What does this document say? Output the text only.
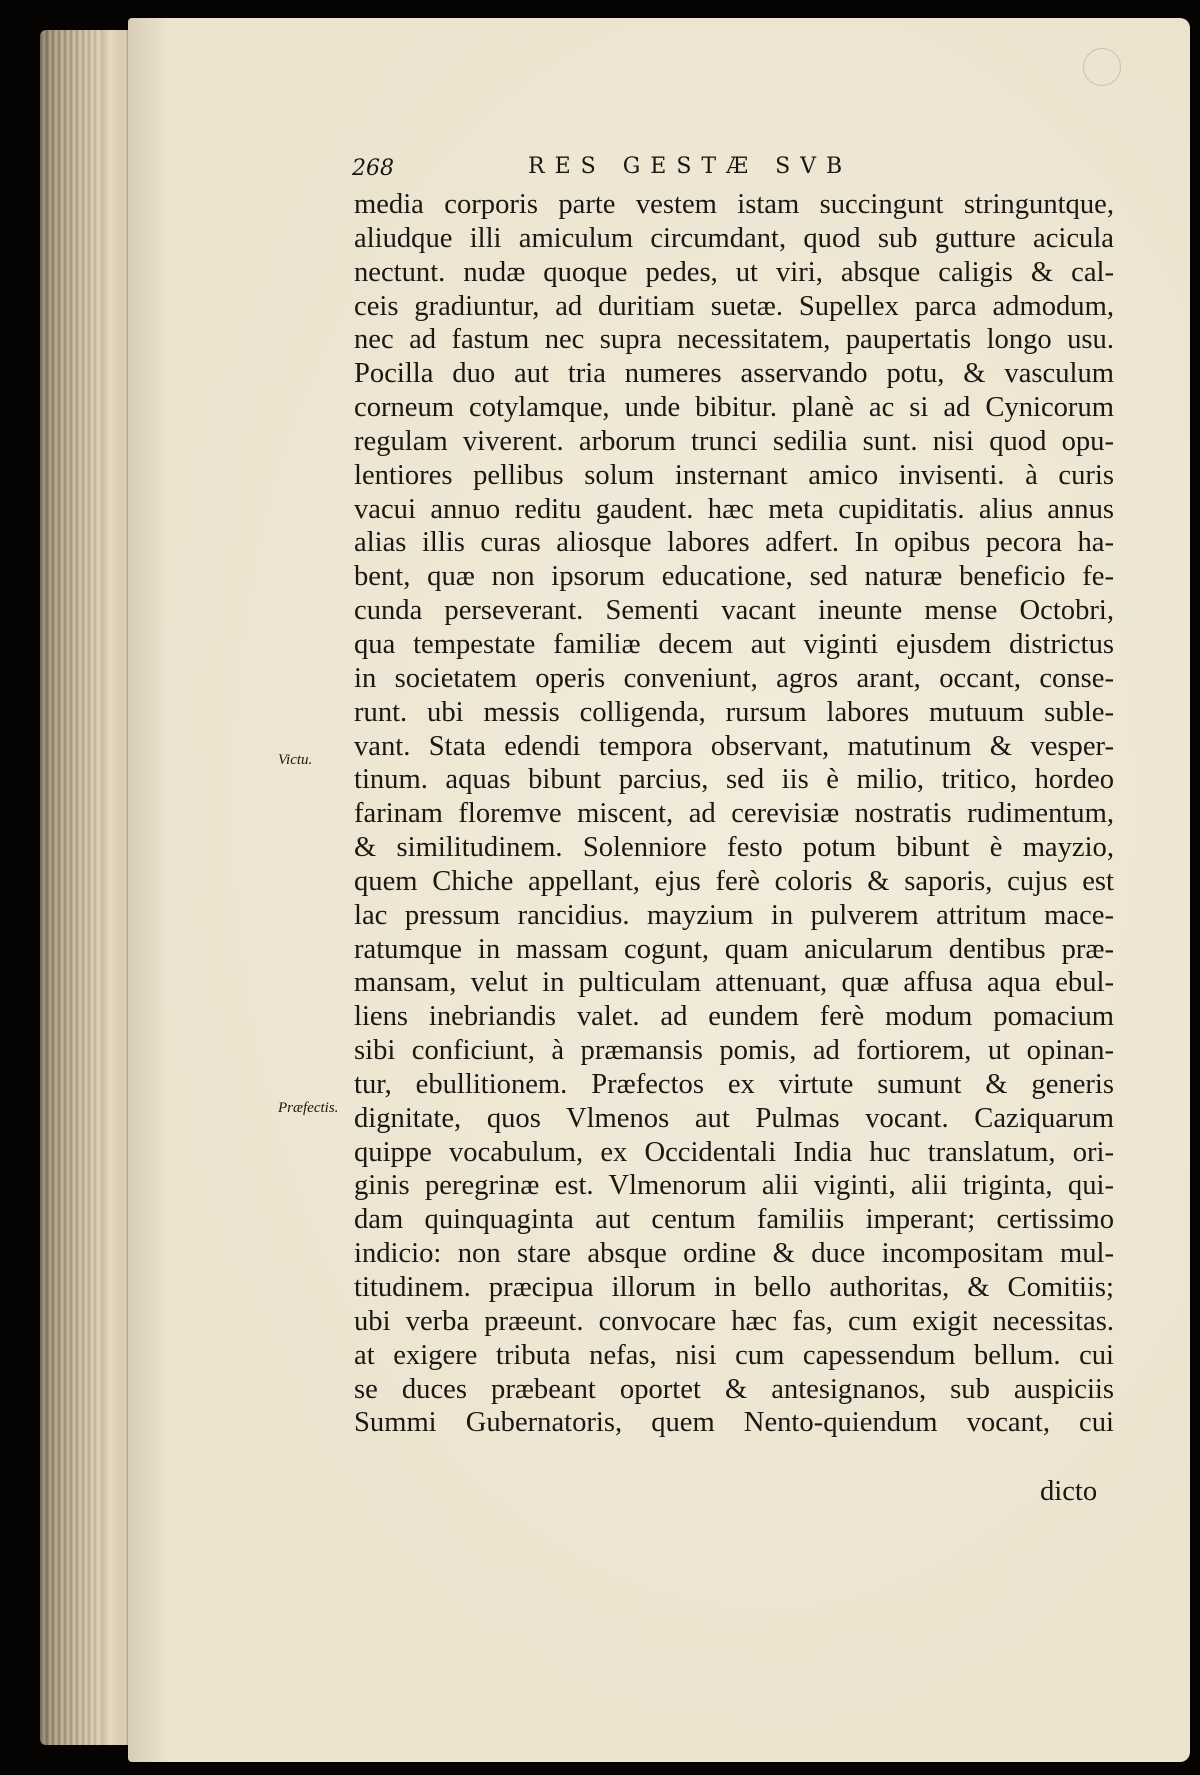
268	RES GESTÆ SVB
media corporis parte vestem istam succingunt stringuntque,
aliudque illi amiculum circumdant, quod sub gutture acicula
nectunt. nudæ quoque pedes, ut viri, absque caligis & cal-
ceis gradiuntur, ad duritiam suetæ. Supellex parca admodum,
nec ad fastum nec supra necessitatem, paupertatis longo usu.
Pocilla duo aut tria numeres asservando potu, & vasculum
corneum cotylamque, unde bibitur. planè ac si ad Cynicorum
regulam viverent. arborum trunci sedilia sunt. nisi quod opu-
lentiores pellibus solum insternant amico invisenti. à curis
vacui annuo reditu gaudent. hæc meta cupiditatis. alius annus
alias illis curas aliosque labores adfert. In opibus pecora ha-
bent, quæ non ipsorum educatione, sed naturæ beneficio fe-
cunda perseverant. Sementi vacant ineunte mense Octobri,
qua tempestate familiæ decem aut viginti ejusdem districtus
in societatem operis conveniunt, agros arant, occant, conse-
runt. ubi messis colligenda, rursum labores mutuum suble-
vant. Stata edendi tempora observant, matutinum & vesper-
tinum. aquas bibunt parcius, sed iis è milio, tritico, hordeo
farinam floremve miscent, ad cerevisiæ nostratis rudimentum,
& similitudinem. Solenniore festo potum bibunt è mayzio,
quem Chiche appellant, ejus ferè coloris & saporis, cujus est
lac pressum rancidius. mayzium in pulverem attritum mace-
ratumque in massam cogunt, quam anicularum dentibus præ-
mansam, velut in pulticulam attenuant, quæ affusa aqua ebul-
liens inebriandis valet. ad eundem ferè modum pomacium
sibi conficiunt, à præmansis pomis, ad fortiorem, ut opinan-
tur, ebullitionem. Præfectos ex virtute sumunt & generis
dignitate, quos Vlmenos aut Pulmas vocant. Caziquarum
quippe vocabulum, ex Occidentali India huc translatum, ori-
ginis peregrinæ est. Vlmenorum alii viginti, alii triginta, qui-
dam quinquaginta aut centum familiis imperant; certissimo
indicio: non stare absque ordine & duce incompositam mul-
titudinem. præcipua illorum in bello authoritas, & Comitiis;
ubi verba præeunt. convocare hæc fas, cum exigit necessitas.
at exigere tributa nefas, nisi cum capessendum bellum. cui
se duces præbeant oportet & antesignanos, sub auspiciis
Summi Gubernatoris, quem Nento-quiendum vocant, cui
dicto
Victu.
Præfectis.
